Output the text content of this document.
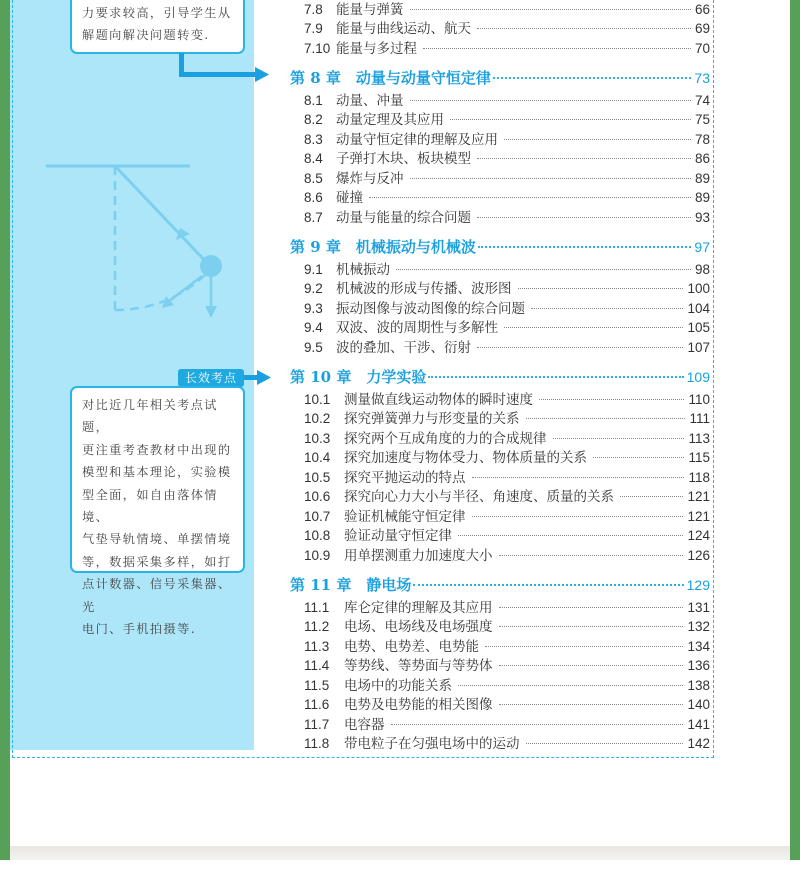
力要求较高，引导学生从
解题向解决问题转变.
长效考点
对比近几年相关考点试题，
更注重考查教材中出现的
模型和基本理论，实验模
型全面，如自由落体情境、
气垫导轨情境、单摆情境
等，数据采集多样，如打
点计数器、信号采集器、光
电门、手机拍摄等.
7.8 能量与弹簧	66
7.9 能量与曲线运动、航天	69
7.10 能量与多过程	70
第 8 章　动量与动量守恒定律	73
8.1 动量、冲量	74
8.2 动量定理及其应用	75
8.3 动量守恒定律的理解及应用	78
8.4 子弹打木块、板块模型	86
8.5 爆炸与反冲	89
8.6 碰撞	89
8.7 动量与能量的综合问题	93
第 9 章　机械振动与机械波	97
9.1 机械振动	98
9.2 机械波的形成与传播、波形图	100
9.3 振动图像与波动图像的综合问题	104
9.4 双波、波的周期性与多解性	105
9.5 波的叠加、干涉、衍射	107
第 10 章　力学实验	109
10.1	测量做直线运动物体的瞬时速度	110
10.2	探究弹簧弹力与形变量的关系	111
10.3	探究两个互成角度的力的合成规律	113
10.4	探究加速度与物体受力、物体质量的关系	115
10.5	探究平抛运动的特点	118
10.6	探究向心力大小与半径、角速度、质量的关系	121
10.7	验证机械能守恒定律	121
10.8	验证动量守恒定律	124
10.9	用单摆测重力加速度大小	126
第 11 章　静电场	129
11.1	库仑定律的理解及其应用	131
11.2	电场、电场线及电场强度	132
11.3	电势、电势差、电势能	134
11.4	等势线、等势面与等势体	136
11.5	电场中的功能关系	138
11.6	电势及电势能的相关图像	140
11.7	电容器	141
11.8	带电粒子在匀强电场中的运动	142
